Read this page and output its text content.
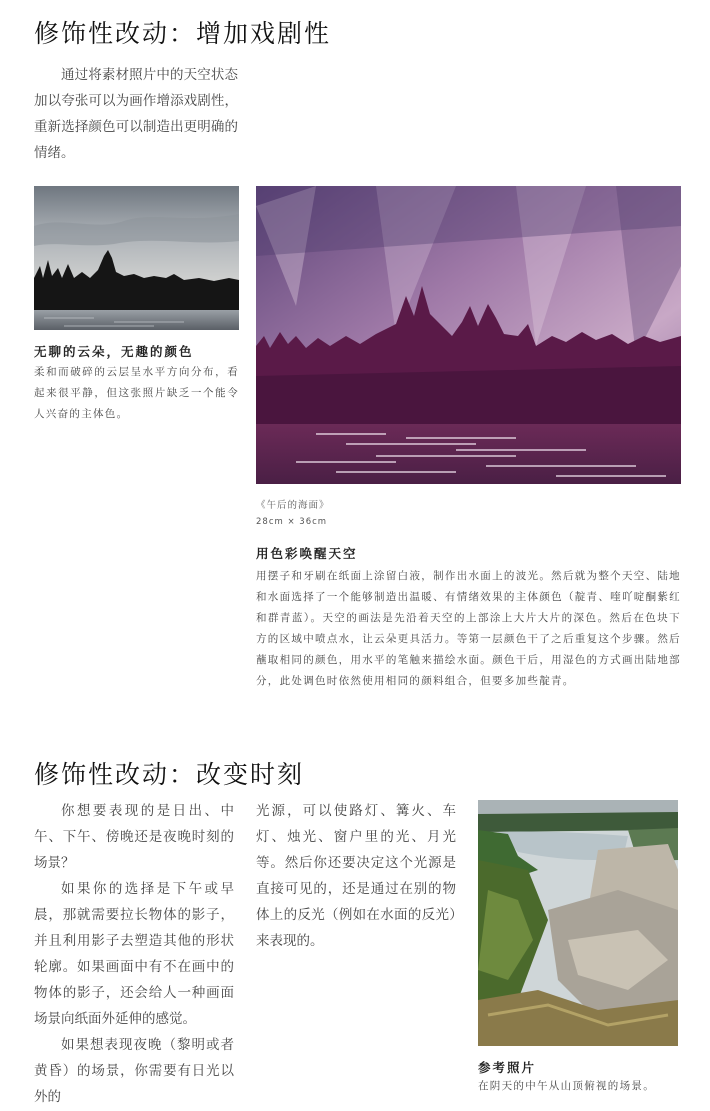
修饰性改动：增加戏剧性

通过将素材照片中的天空状态加以夸张可以为画作增添戏剧性，重新选择颜色可以制造出更明确的情绪。

无聊的云朵，无趣的颜色
柔和而破碎的云层呈水平方向分布，看起来很平静，但这张照片缺乏一个能令人兴奋的主体色。
《午后的海面》
28cm × 36cm
用色彩唤醒天空
用摆子和牙刷在纸面上涂留白液，制作出水面上的波光。然后就为整个天空、陆地和水面选择了一个能够制造出温暖、有情绪效果的主体颜色（靛青、喹吖啶酮紫红和群青蓝）。天空的画法是先沿着天空的上部涂上大片大片的深色。然后在色块下方的区域中喷点水，让云朵更具活力。等第一层颜色干了之后重复这个步骤。然后蘸取相同的颜色，用水平的笔触来描绘水面。颜色干后，用湿色的方式画出陆地部分，此处调色时依然使用相同的颜料组合，但要多加些靛青。
修饰性改动：改变时刻

你想要表现的是日出、中午、下午、傍晚还是夜晚时刻的场景？

如果你的选择是下午或早晨，那就需要拉长物体的影子，并且利用影子去塑造其他的形状轮廓。如果画面中有不在画中的物体的影子，还会给人一种画面场景向纸面外延伸的感觉。

如果想表现夜晚（黎明或者黄昏）的场景，你需要有日光以外的

光源，可以使路灯、篝火、车灯、烛光、窗户里的光、月光等。然后你还要决定这个光源是直接可见的，还是通过在别的物体上的反光（例如在水面的反光）来表现的。

参考照片
在阴天的中午从山顶俯视的场景。
